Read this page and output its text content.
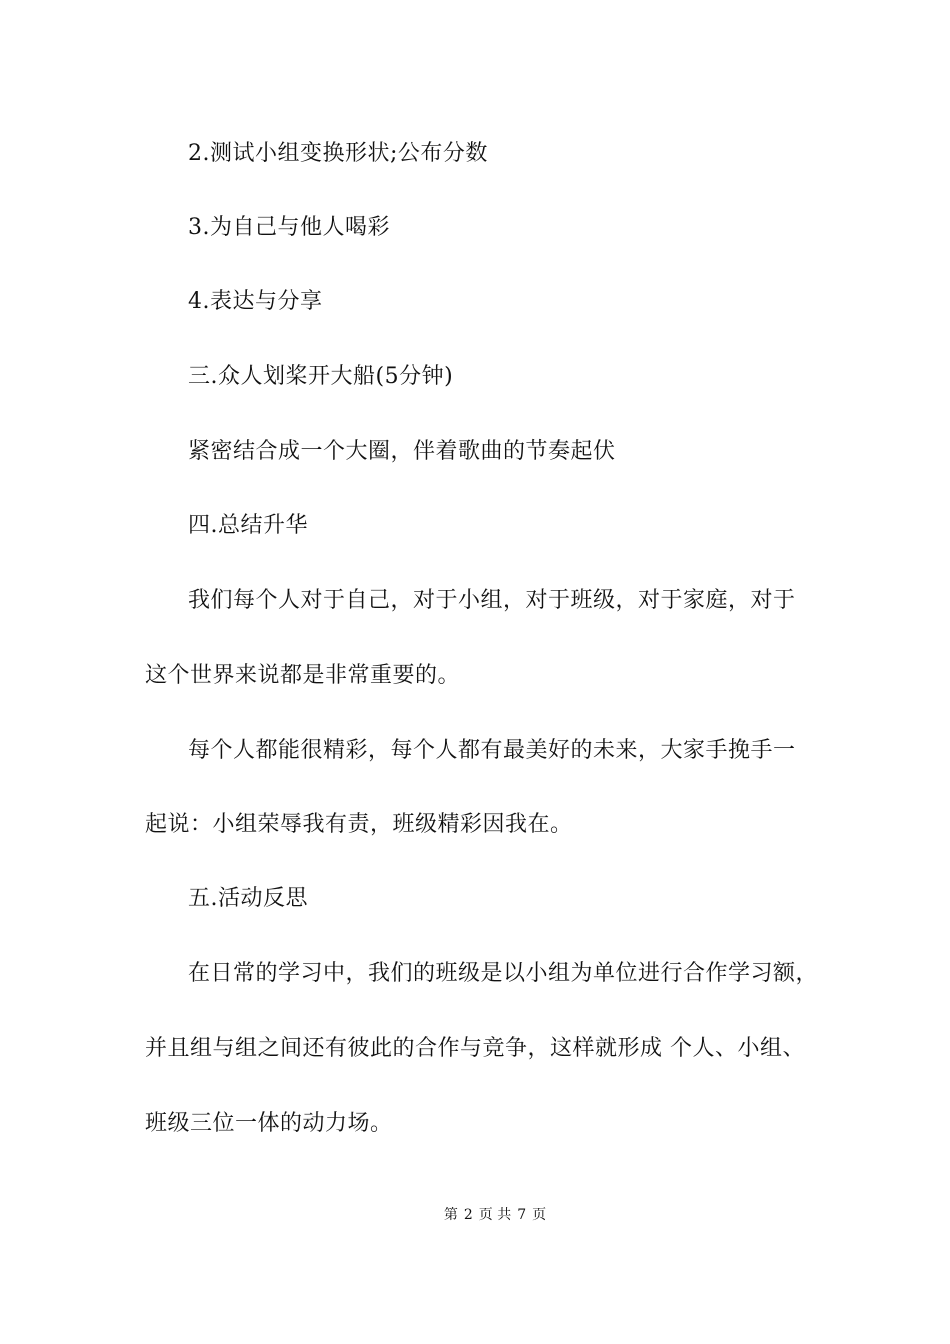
2.测试小组变换形状;公布分数
3.为自己与他人喝彩
4.表达与分享
三.众人划桨开大船(5分钟)
紧密结合成一个大圈，伴着歌曲的节奏起伏
四.总结升华
我们每个人对于自己，对于小组，对于班级，对于家庭，对于
这个世界来说都是非常重要的。
每个人都能很精彩，每个人都有最美好的未来，大家手挽手一
起说：小组荣辱我有责，班级精彩因我在。
五.活动反思
在日常的学习中，我们的班级是以小组为单位进行合作学习额，
并且组与组之间还有彼此的合作与竞争，这样就形成 个人、小组、
班级三位一体的动力场。
第 2 页 共 7 页
